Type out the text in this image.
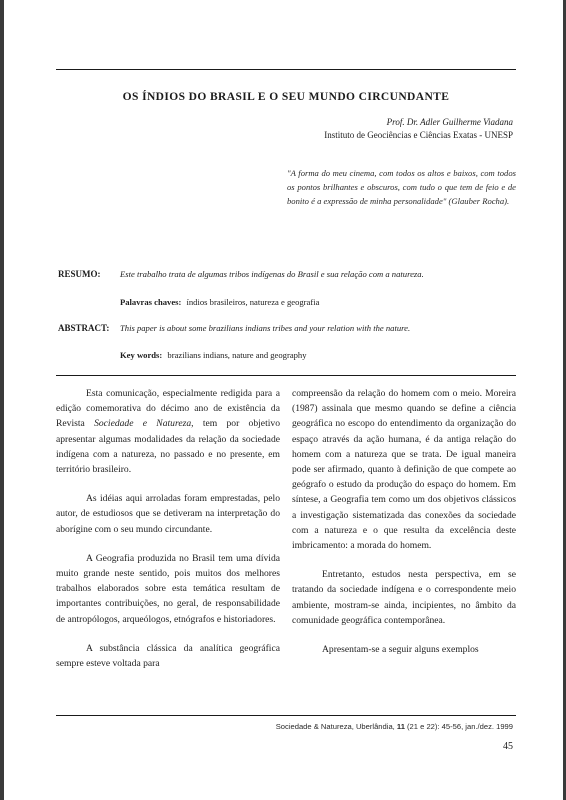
OS ÍNDIOS DO BRASIL E O SEU MUNDO CIRCUNDANTE
Prof. Dr. Adler Guilherme Viadana
Instituto de Geociências e Ciências Exatas - UNESP
"A forma do meu cinema, com todos os altos e baixos, com todos os pontos brilhantes e obscuros, com tudo o que tem de feio e de bonito é a expressão de minha personalidade" (Glauber Rocha).
RESUMO: Este trabalho trata de algumas tribos indígenas do Brasil e sua relação com a natureza.
Palavras chaves: índios brasileiros, natureza e geografia
ABSTRACT: This paper is about some brazilians indians tribes and your relation with the nature.
Key words: brazilians indians, nature and geography

Esta comunicação, especialmente redigida para a edição comemorativa do décimo ano de existência da Revista Sociedade e Natureza, tem por objetivo apresentar algumas modalidades da relação da sociedade indígena com a natureza, no passado e no presente, em território brasileiro.

As idéias aqui arroladas foram emprestadas, pelo autor, de estudiosos que se detiveram na interpretação do aborígine com o seu mundo circundante.

A Geografia produzida no Brasil tem uma dívida muito grande neste sentido, pois muitos dos melhores trabalhos elaborados sobre esta temática resultam de importantes contribuições, no geral, de responsabilidade de antropólogos, arqueólogos, etnógrafos e historiadores.

A substância clássica da analítica geográfica sempre esteve voltada para

compreensão da relação do homem com o meio. Moreira (1987) assinala que mesmo quando se define a ciência geográfica no escopo do entendimento da organização do espaço através da ação humana, é da antiga relação do homem com a natureza que se trata. De igual maneira pode ser afirmado, quanto à definição de que compete ao geógrafo o estudo da produção do espaço do homem. Em síntese, a Geografia tem como um dos objetivos clássicos a investigação sistematizada das conexões da sociedade com a natureza e o que resulta da excelência deste imbricamento: a morada do homem.

Entretanto, estudos nesta perspectiva, em se tratando da sociedade indígena e o correspondente meio ambiente, mostram-se ainda, incipientes, no âmbito da comunidade geográfica contemporânea.

Apresentam-se a seguir alguns exemplos

Sociedade & Natureza, Uberlândia, 11 (21 e 22): 45-56, jan./dez. 1999
45
